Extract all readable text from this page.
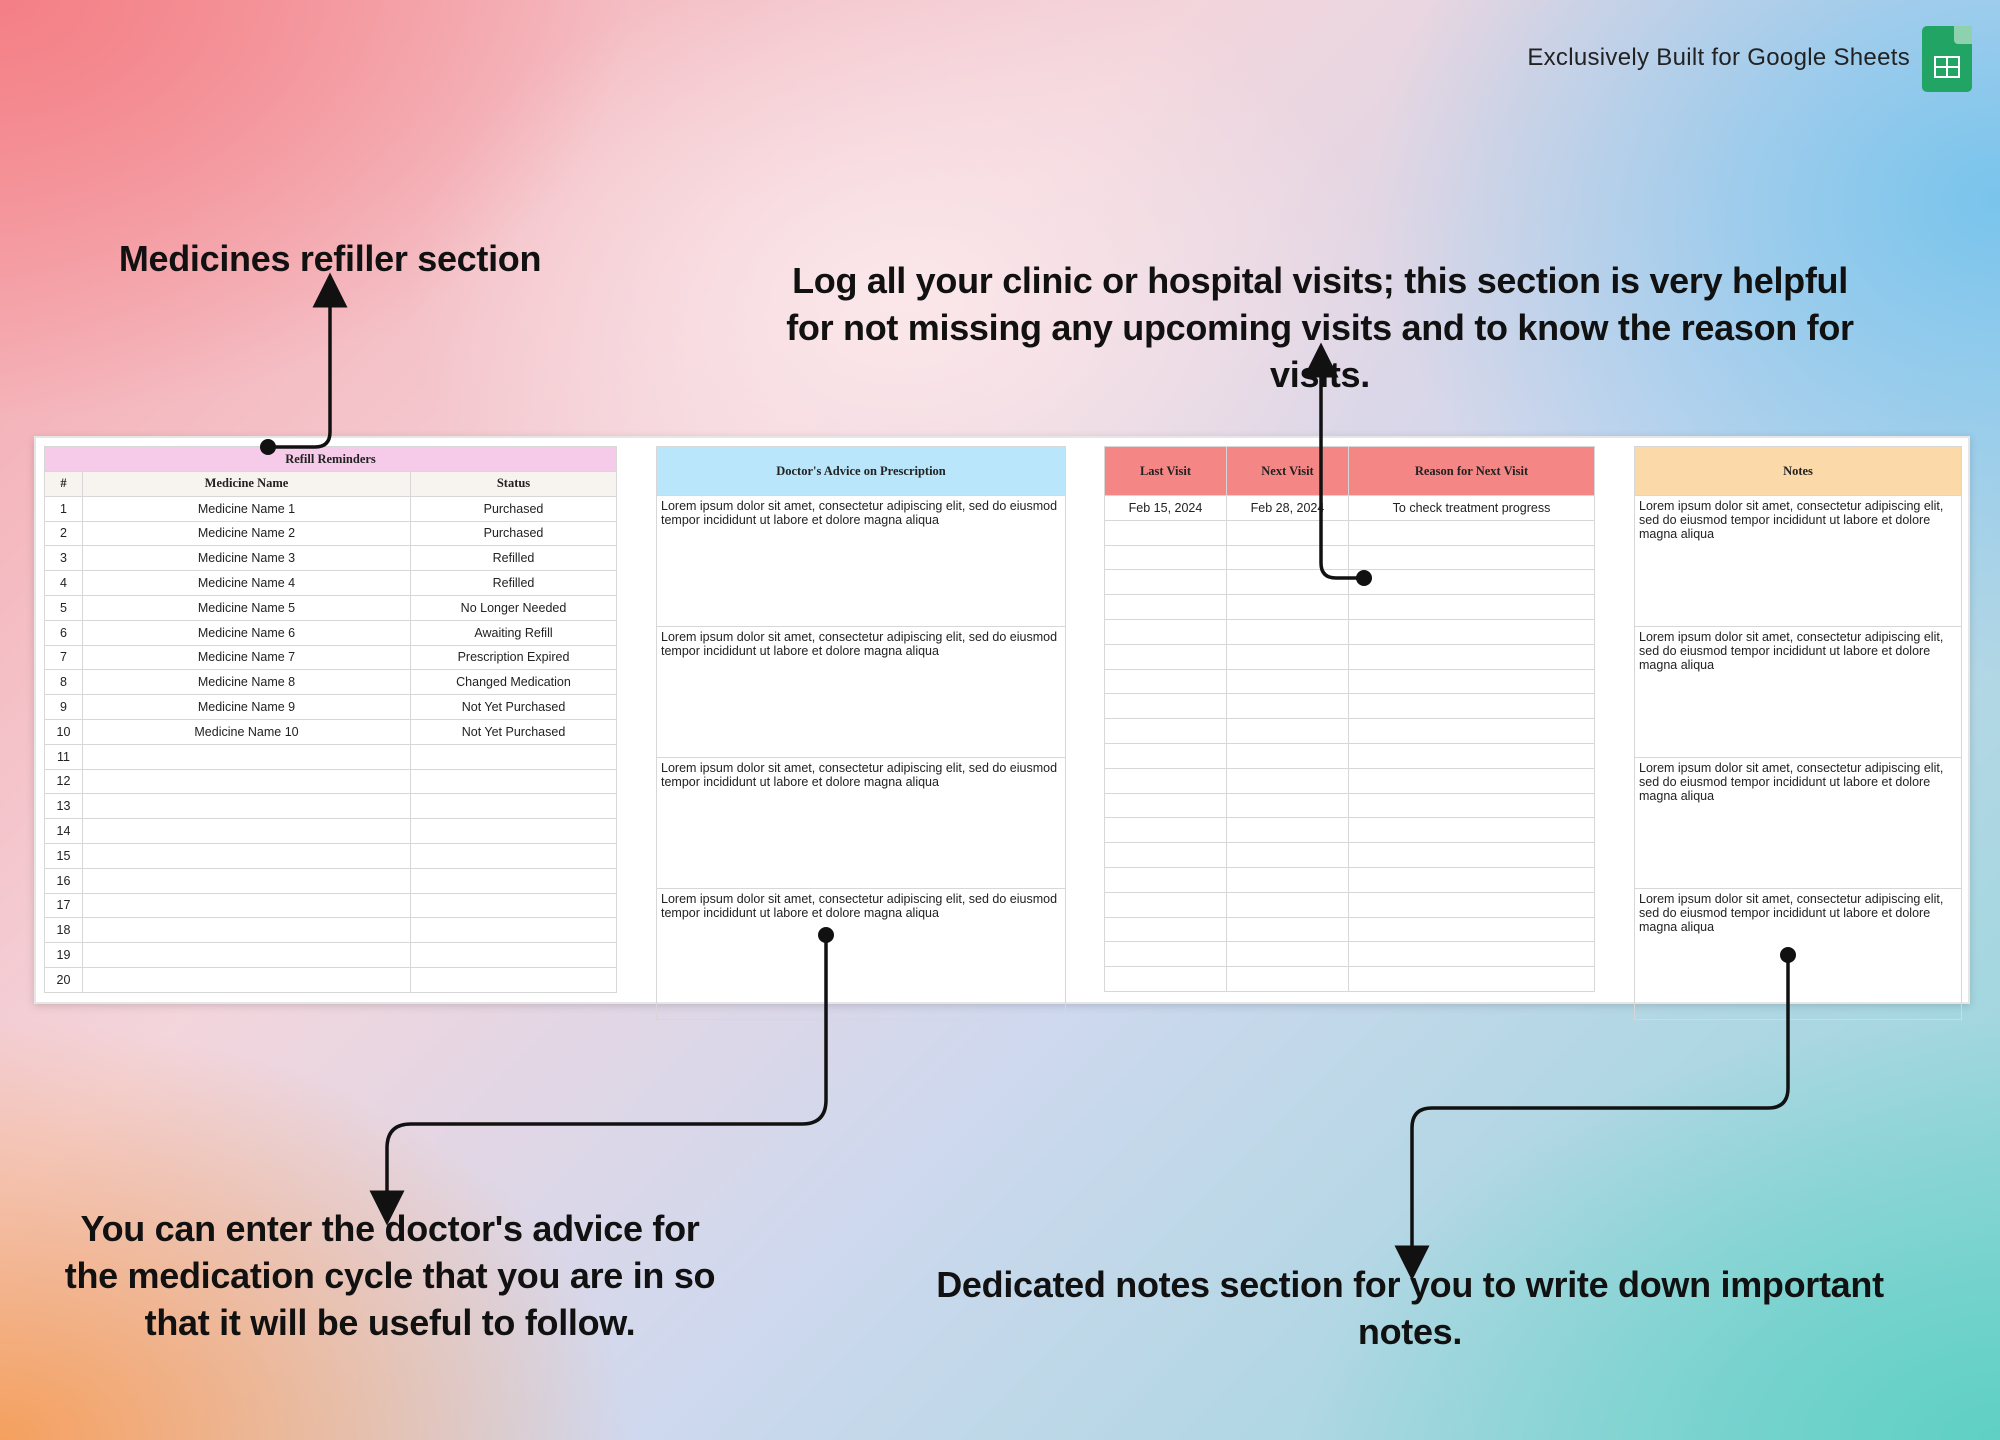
Exclusively Built for Google Sheets
Medicines refiller section
Log all your clinic or hospital visits; this section is very helpful for not missing any upcoming visits and to know the reason for visits.
You can enter the doctor's advice for the medication cycle that you are in so that it will be useful to follow.
Dedicated notes section for you to write down important notes.
Refill Reminders		
#	Medicine Name	Status
1	Medicine Name 1	Purchased
2	Medicine Name 2	Purchased
3	Medicine Name 3	Refilled
4	Medicine Name 4	Refilled
5	Medicine Name 5	No Longer Needed
6	Medicine Name 6	Awaiting Refill
7	Medicine Name 7	Prescription Expired
8	Medicine Name 8	Changed Medication
9	Medicine Name 9	Not Yet Purchased
10	Medicine Name 10	Not Yet Purchased
11		
12		
13		
14		
15		
16		
17		
18		
19		
20		
Doctor's Advice on Prescription
Lorem ipsum dolor sit amet, consectetur adipiscing elit, sed do eiusmod tempor incididunt ut labore et dolore magna aliqua
Lorem ipsum dolor sit amet, consectetur adipiscing elit, sed do eiusmod tempor incididunt ut labore et dolore magna aliqua
Lorem ipsum dolor sit amet, consectetur adipiscing elit, sed do eiusmod tempor incididunt ut labore et dolore magna aliqua
Lorem ipsum dolor sit amet, consectetur adipiscing elit, sed do eiusmod tempor incididunt ut labore et dolore magna aliqua
Last Visit	Next Visit	Reason for Next Visit
Feb 15, 2024	Feb 28, 2024	To check treatment progress

Notes
Lorem ipsum dolor sit amet, consectetur adipiscing elit, sed do eiusmod tempor incididunt ut labore et dolore magna aliqua
Lorem ipsum dolor sit amet, consectetur adipiscing elit, sed do eiusmod tempor incididunt ut labore et dolore magna aliqua
Lorem ipsum dolor sit amet, consectetur adipiscing elit, sed do eiusmod tempor incididunt ut labore et dolore magna aliqua
Lorem ipsum dolor sit amet, consectetur adipiscing elit, sed do eiusmod tempor incididunt ut labore et dolore magna aliqua
